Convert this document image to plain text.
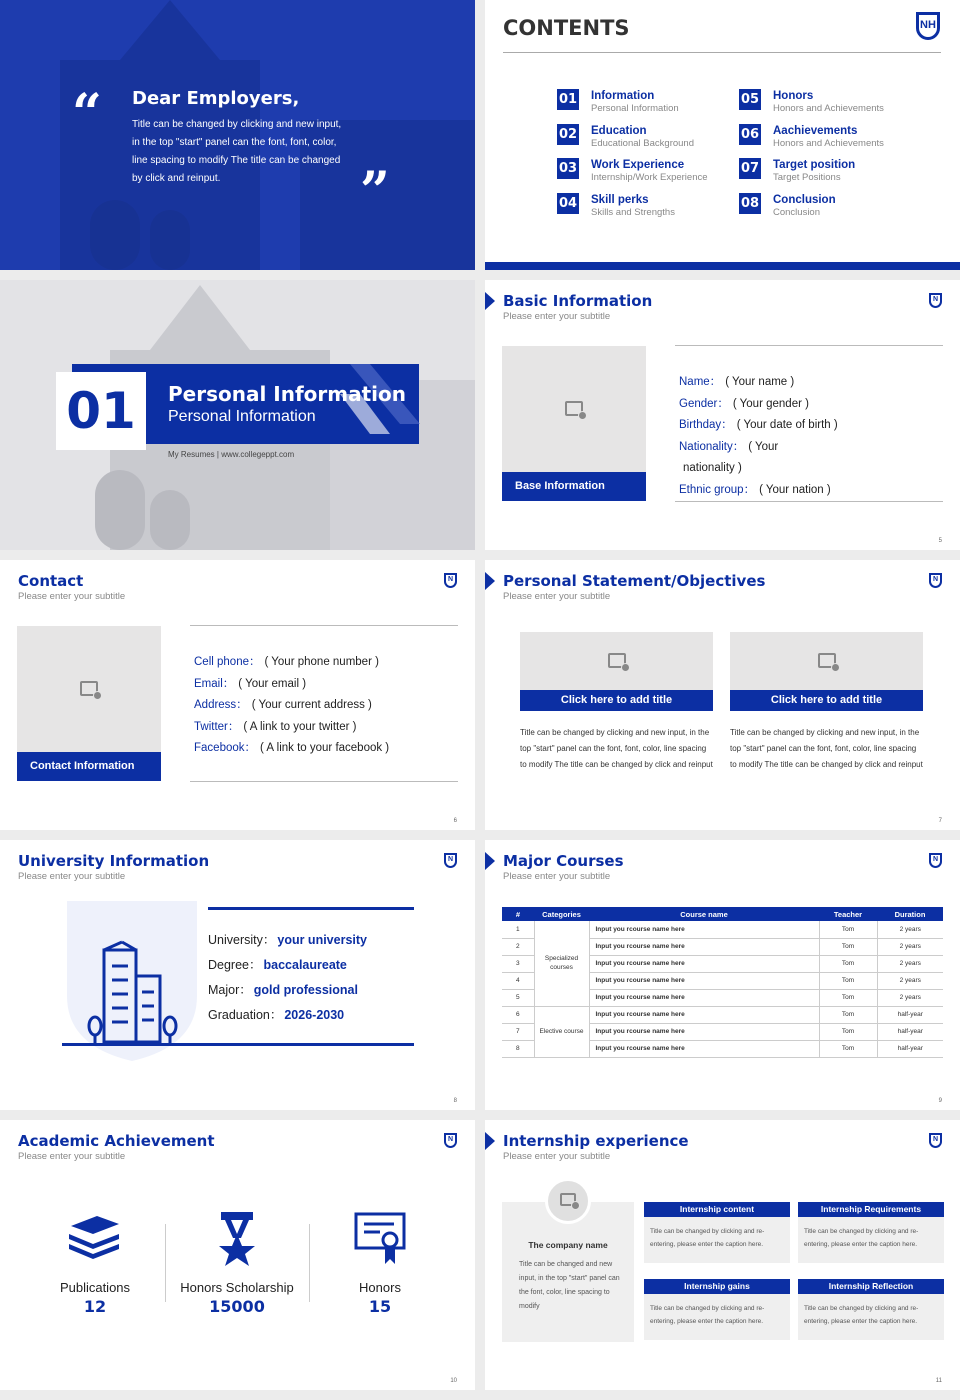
“ Dear Employers,
Title can be changed by clicking and new input, in the top "start" panel can the font, font, color, line spacing to modify The title can be changed by click and reinput.	”
CONTENTS	NH
01 Information
Personal Information
02 Education
Educational Background
03 Work Experience
Internship/Work Experience
04 Skill perks
Skills and Strengths
05 Honors
Honors and Achievements
06 Aachievements
Honors and Achievements
07 Target position
Target Positions
08 Conclusion
Conclusion
01	Personal Information
Personal Information
My Resumes | www.collegeppt.com
Basic Information
Please enter your subtitle
N
Base Information
Name： ( Your name )
Gender： ( Your gender )
Birthday： ( Your date of birth )
Nationality： ( Your
nationality )
Ethnic group： ( Your nation )
5
Contact
Please enter your subtitle
N
Contact Information
Cell phone： ( Your phone number )
Email： ( Your email )
Address： ( Your current address )
Twitter： ( A link to your twitter )
Facebook： ( A link to your facebook )
6
Personal Statement/Objectives
Please enter your subtitle
N
Click here to add title
Title can be changed by clicking and new input, in the top "start" panel can the font, font, color, line spacing to modify The title can be changed by click and reinput
Click here to add title
Title can be changed by clicking and new input, in the top "start" panel can the font, font, color, line spacing to modify The title can be changed by click and reinput
7
University Information
Please enter your subtitle
N
University： your university
Degree： baccalaureate
Major： gold professional
Graduation： 2026-2030
8
Major Courses
Please enter your subtitle
N
#	Categories	Course name	Teacher	Duration
1	Specialized courses	Input you rcourse name here	Tom	2 years
2		Input you rcourse name here	Tom	2 years
3		Input you rcourse name here	Tom	2 years
4		Input you rcourse name here	Tom	2 years
5		Input you rcourse name here	Tom	2 years
6	Elective course	Input you rcourse name here	Tom	half-year
7		Input you rcourse name here	Tom	half-year
8		Input you rcourse name here	Tom	half-year
9
Academic Achievement
Please enter your subtitle
N
Publications
12
Honors Scholarship
15000
Honors
15
10
Internship experience
Please enter your subtitle
N
The company name
Title can be changed and new input, in the top "start" panel can the font, color, line spacing to modify
Internship content
Title can be changed by clicking and re-entering, please enter the caption here.
Internship Requirements
Title can be changed by clicking and re-entering, please enter the caption here.
Internship gains
Title can be changed by clicking and re-entering, please enter the caption here.
Internship Reflection
Title can be changed by clicking and re-entering, please enter the caption here.
11
